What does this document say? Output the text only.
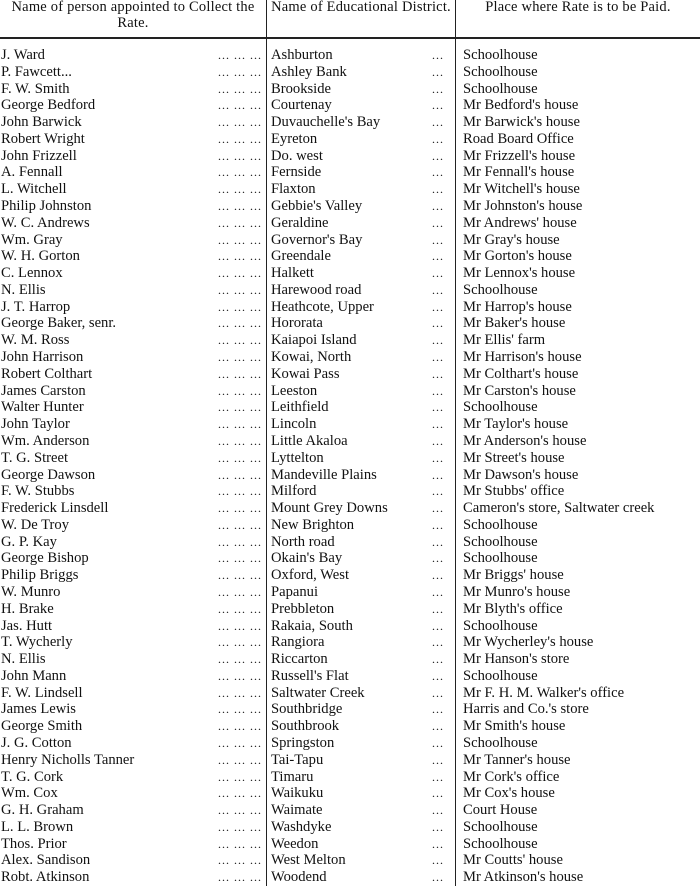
Name of person appointed to Collect the Rate.
Name of Educational District.	Place where Rate is to be Paid.
J. Ward	... ... ... Ashburton	... Schoolhouse
P. Fawcett...	... ... ... Ashley Bank	... Schoolhouse
F. W. Smith	... ... ... Brookside	... Schoolhouse
George Bedford	... ... ... Courtenay	... Mr Bedford's house
John Barwick	... ... ... Duvauchelle's Bay	... Mr Barwick's house
Robert Wright	... ... ... Eyreton	... Road Board Office
John Frizzell	... ... ... Do. west	... Mr Frizzell's house
A. Fennall	... ... ... Fernside	... Mr Fennall's house
L. Witchell	... ... ... Flaxton	... Mr Witchell's house
Philip Johnston	... ... ... Gebbie's Valley	... Mr Johnston's house
W. C. Andrews	... ... ... Geraldine	... Mr Andrews' house
Wm. Gray	... ... ... Governor's Bay	... Mr Gray's house
W. H. Gorton	... ... ... Greendale	... Mr Gorton's house
C. Lennox	... ... ... Halkett	... Mr Lennox's house
N. Ellis	... ... ... Harewood road	... Schoolhouse
J. T. Harrop	... ... ... Heathcote, Upper	... Mr Harrop's house
George Baker, senr.	... ... ... Hororata	... Mr Baker's house
W. M. Ross	... ... ... Kaiapoi Island	... Mr Ellis' farm
John Harrison	... ... ... Kowai, North	... Mr Harrison's house
Robert Colthart	... ... ... Kowai Pass	... Mr Colthart's house
James Carston	... ... ... Leeston	... Mr Carston's house
Walter Hunter	... ... ... Leithfield	... Schoolhouse
John Taylor	... ... ... Lincoln	... Mr Taylor's house
Wm. Anderson	... ... ... Little Akaloa	... Mr Anderson's house
T. G. Street	... ... ... Lyttelton	... Mr Street's house
George Dawson	... ... ... Mandeville Plains	... Mr Dawson's house
F. W. Stubbs	... ... ... Milford	... Mr Stubbs' office
Frederick Linsdell	... ... ... Mount Grey Downs	... Cameron's store, Saltwater creek
W. De Troy	... ... ... New Brighton	... Schoolhouse
G. P. Kay	... ... ... North road	... Schoolhouse
George Bishop	... ... ... Okain's Bay	... Schoolhouse
Philip Briggs	... ... ... Oxford, West	... Mr Briggs' house
W. Munro	... ... ... Papanui	... Mr Munro's house
H. Brake	... ... ... Prebbleton	... Mr Blyth's office
Jas. Hutt	... ... ... Rakaia, South	... Schoolhouse
T. Wycherly	... ... ... Rangiora	... Mr Wycherley's house
N. Ellis	... ... ... Riccarton	... Mr Hanson's store
John Mann	... ... ... Russell's Flat	... Schoolhouse
F. W. Lindsell	... ... ... Saltwater Creek	... Mr F. H. M. Walker's office
James Lewis	... ... ... Southbridge	... Harris and Co.'s store
George Smith	... ... ... Southbrook	... Mr Smith's house
J. G. Cotton	... ... ... Springston	... Schoolhouse
Henry Nicholls Tanner	... ... ... Tai-Tapu	... Mr Tanner's house
T. G. Cork	... ... ... Timaru	... Mr Cork's office
Wm. Cox	... ... ... Waikuku	... Mr Cox's house
G. H. Graham	... ... ... Waimate	... Court House
L. L. Brown	... ... ... Washdyke	... Schoolhouse
Thos. Prior	... ... ... Weedon	... Schoolhouse
Alex. Sandison	... ... ... West Melton	... Mr Coutts' house
Robt. Atkinson	... ... ... Woodend	... Mr Atkinson's house
